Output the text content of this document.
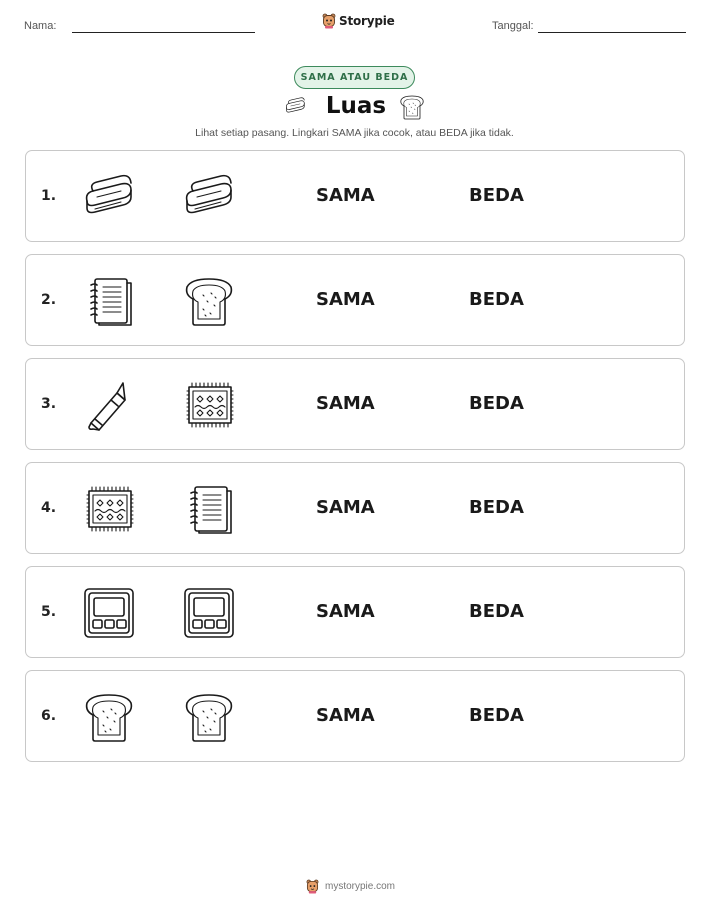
Nama:	Storypie	Tanggal:
SAMA ATAU BEDA
Luas

Lihat setiap pasang. Lingkari SAMA jika cocok, atau BEDA jika tidak.

1.	SAMA	BEDA
2.	SAMA	BEDA
3.	SAMA	BEDA
4.	SAMA	BEDA
5.	SAMA	BEDA
6.	SAMA	BEDA
mystorypie.com
